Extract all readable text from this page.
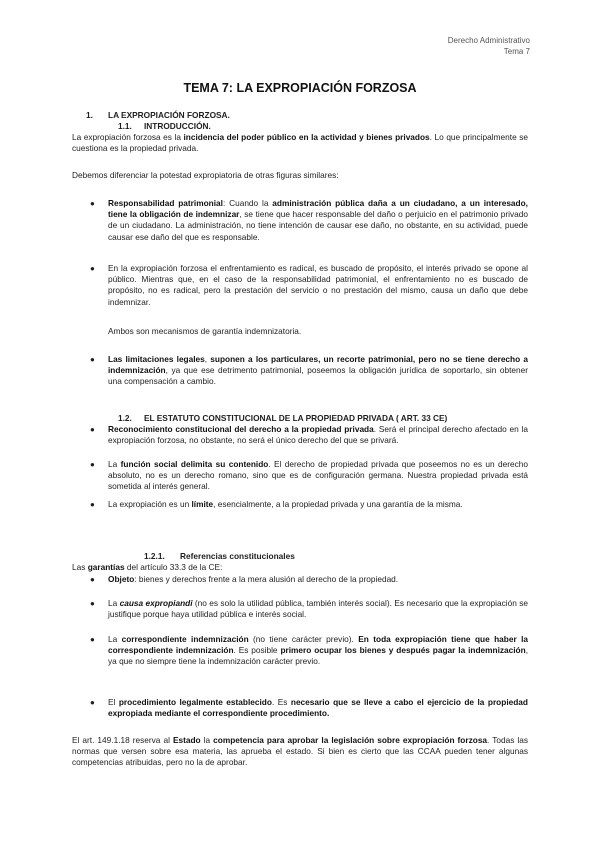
Derecho Administrativo
Tema 7
TEMA 7: LA EXPROPIACIÓN FORZOSA
1. LA EXPROPIACIÓN FORZOSA.
1.1. INTRODUCCIÓN.
La expropiación forzosa es la incidencia del poder público en la actividad y bienes privados. Lo que principalmente se cuestiona es la propiedad privada.
Debemos diferenciar la potestad expropiatoria de otras figuras similares:
● Responsabilidad patrimonial: Cuando la administración pública daña a un ciudadano, a un interesado, tiene la obligación de indemnizar, se tiene que hacer responsable del daño o perjuicio en el patrimonio privado de un ciudadano. La administración, no tiene intención de causar ese daño, no obstante, en su actividad, puede causar ese daño del que es responsable.
● En la expropiación forzosa el enfrentamiento es radical, es buscado de propósito, el interés privado se opone al público. Mientras que, en el caso de la responsabilidad patrimonial, el enfrentamiento no es buscado de propósito, no es radical, pero la prestación del servicio o no prestación del mismo, causa un daño que debe indemnizar.
Ambos son mecanismos de garantía indemnizatoria.
● Las limitaciones legales, suponen a los particulares, un recorte patrimonial, pero no se tiene derecho a indemnización, ya que ese detrimento patrimonial, poseemos la obligación jurídica de soportarlo, sin obtener una compensación a cambio.
1.2. EL ESTATUTO CONSTITUCIONAL DE LA PROPIEDAD PRIVADA ( ART. 33 CE)
● Reconocimiento constitucional del derecho a la propiedad privada. Será el principal derecho afectado en la expropiación forzosa, no obstante, no será el único derecho del que se privará.
● La función social delimita su contenido. El derecho de propiedad privada que poseemos no es un derecho absoluto, no es un derecho romano, sino que es de configuración germana. Nuestra propiedad privada está sometida al interés general.
● La expropiación es un límite, esencialmente, a la propiedad privada y una garantía de la misma.
1.2.1. Referencias constitucionales
Las garantías del artículo 33.3 de la CE:
● Objeto: bienes y derechos frente a la mera alusión al derecho de la propiedad.
● La causa expropiandi (no es solo la utilidad pública, también interés social). Es necesario que la expropiación se justifique porque haya utilidad pública e interés social.
● La correspondiente indemnización (no tiene carácter previo). En toda expropiación tiene que haber la correspondiente indemnización. Es posible primero ocupar los bienes y después pagar la indemnización, ya que no siempre tiene la indemnización carácter previo.
● El procedimiento legalmente establecido. Es necesario que se lleve a cabo el ejercicio de la propiedad expropiada mediante el correspondiente procedimiento.
El art. 149.1.18 reserva al Estado la competencia para aprobar la legislación sobre expropiación forzosa. Todas las normas que versen sobre esa materia, las aprueba el estado. Si bien es cierto que las CCAA pueden tener algunas competencias atribuidas, pero no la de aprobar.
